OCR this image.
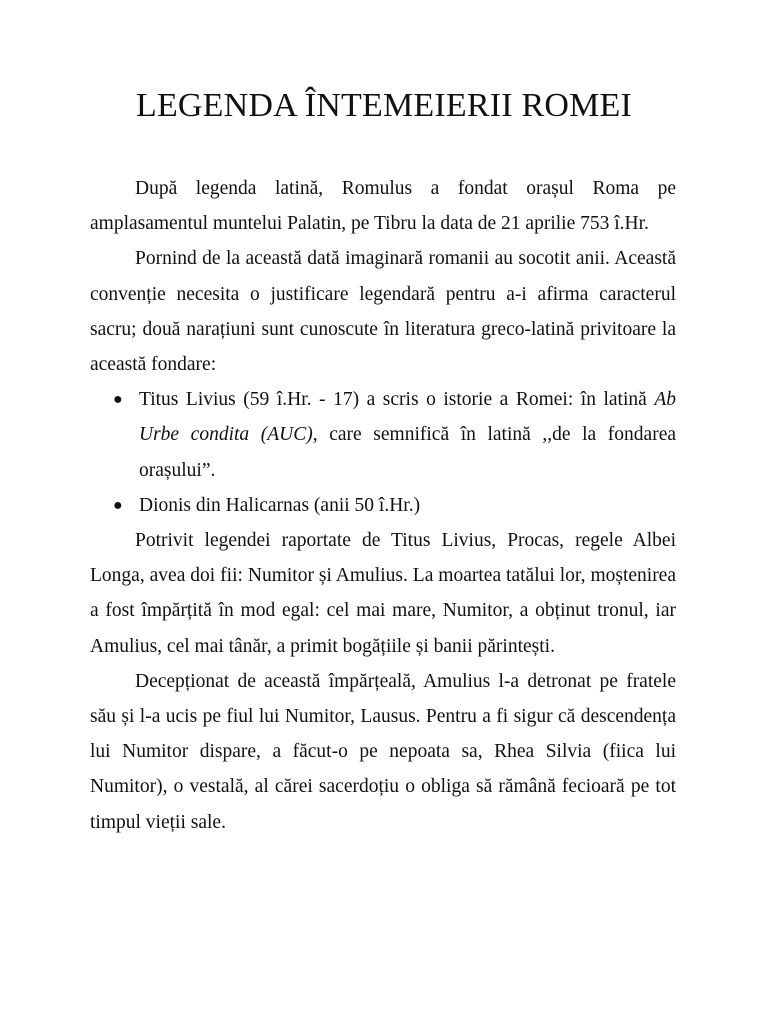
LEGENDA ÎNTEMEIERII ROMEI

După legenda latină, Romulus a fondat orașul Roma pe amplasamentul muntelui Palatin, pe Tibru la data de 21 aprilie 753 î.Hr.

Pornind de la această dată imaginară romanii au socotit anii. Această convenție necesita o justificare legendară pentru a-i afirma caracterul sacru; două narațiuni sunt cunoscute în literatura greco-latină privitoare la această fondare:

● Titus Livius (59 î.Hr. - 17) a scris o istorie a Romei: în latină Ab Urbe condita (AUC), care semnifică în latină ,,de la fondarea orașului”.
● Dionis din Halicarnas (anii 50 î.Hr.)

Potrivit legendei raportate de Titus Livius, Procas, regele Albei Longa, avea doi fii: Numitor și Amulius. La moartea tatălui lor, moștenirea a fost împărțită în mod egal: cel mai mare, Numitor, a obținut tronul, iar Amulius, cel mai tânăr, a primit bogățiile și banii părintești.

Decepționat de această împărțeală, Amulius l-a detronat pe fratele său și l-a ucis pe fiul lui Numitor, Lausus. Pentru a fi sigur că descendența lui Numitor dispare, a făcut-o pe nepoata sa, Rhea Silvia (fiica lui Numitor), o vestală, al cărei sacerdoțiu o obliga să rămână fecioară pe tot timpul vieții sale.
